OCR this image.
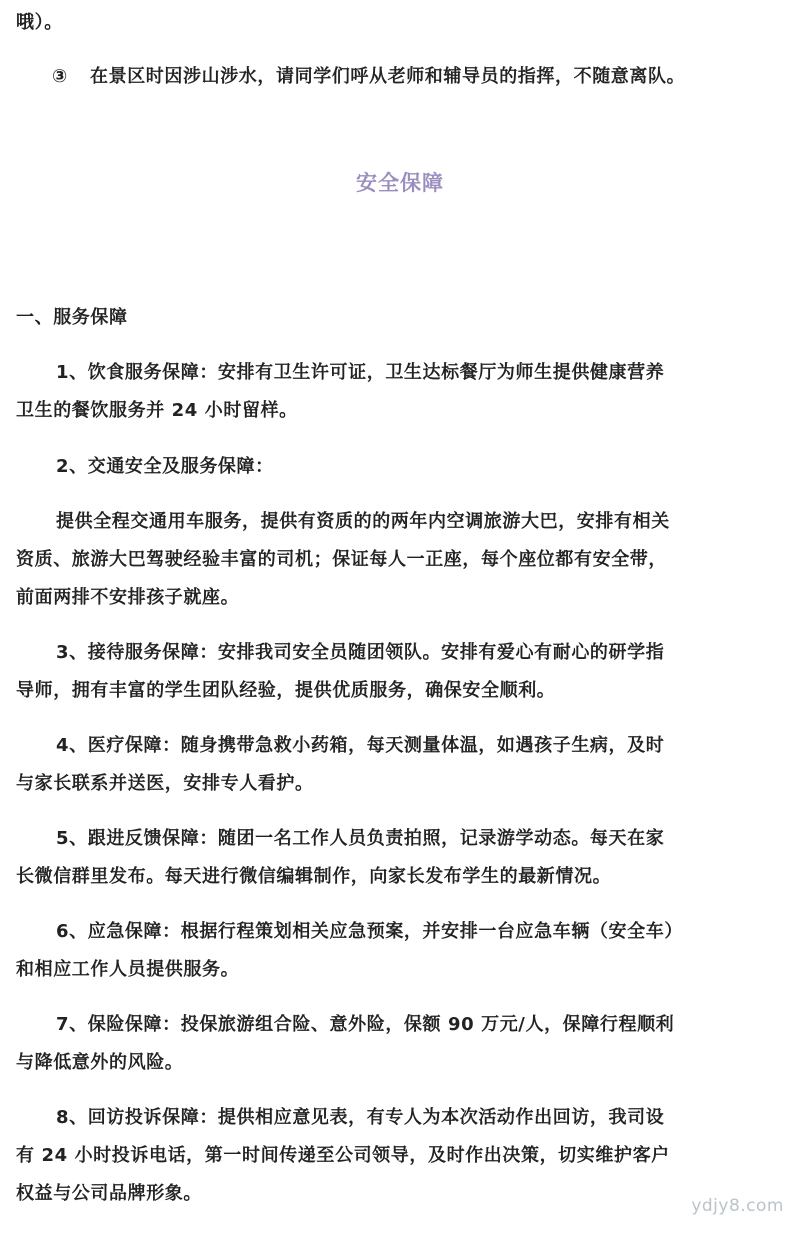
哦）。
③ 在景区时因涉山涉水，请同学们呼从老师和辅导员的指挥，不随意离队。
安全保障
一、服务保障
1、饮食服务保障：安排有卫生许可证，卫生达标餐厅为师生提供健康营养
卫生的餐饮服务并 24 小时留样。
2、交通安全及服务保障：
提供全程交通用车服务，提供有资质的的两年内空调旅游大巴，安排有相关
资质、旅游大巴驾驶经验丰富的司机；保证每人一正座，每个座位都有安全带，
前面两排不安排孩子就座。
3、接待服务保障：安排我司安全员随团领队。安排有爱心有耐心的研学指
导师，拥有丰富的学生团队经验，提供优质服务，确保安全顺利。
4、医疗保障：随身携带急救小药箱，每天测量体温，如遇孩子生病，及时
与家长联系并送医，安排专人看护。
5、跟进反馈保障：随团一名工作人员负责拍照，记录游学动态。每天在家
长微信群里发布。每天进行微信编辑制作，向家长发布学生的最新情况。
6、应急保障：根据行程策划相关应急预案，并安排一台应急车辆（安全车）
和相应工作人员提供服务。
7、保险保障：投保旅游组合险、意外险，保额 90 万元/人，保障行程顺利
与降低意外的风险。
8、回访投诉保障：提供相应意见表，有专人为本次活动作出回访，我司设
有 24 小时投诉电话，第一时间传递至公司领导，及时作出决策，切实维护客户
权益与公司品牌形象。
ydjy8.com
